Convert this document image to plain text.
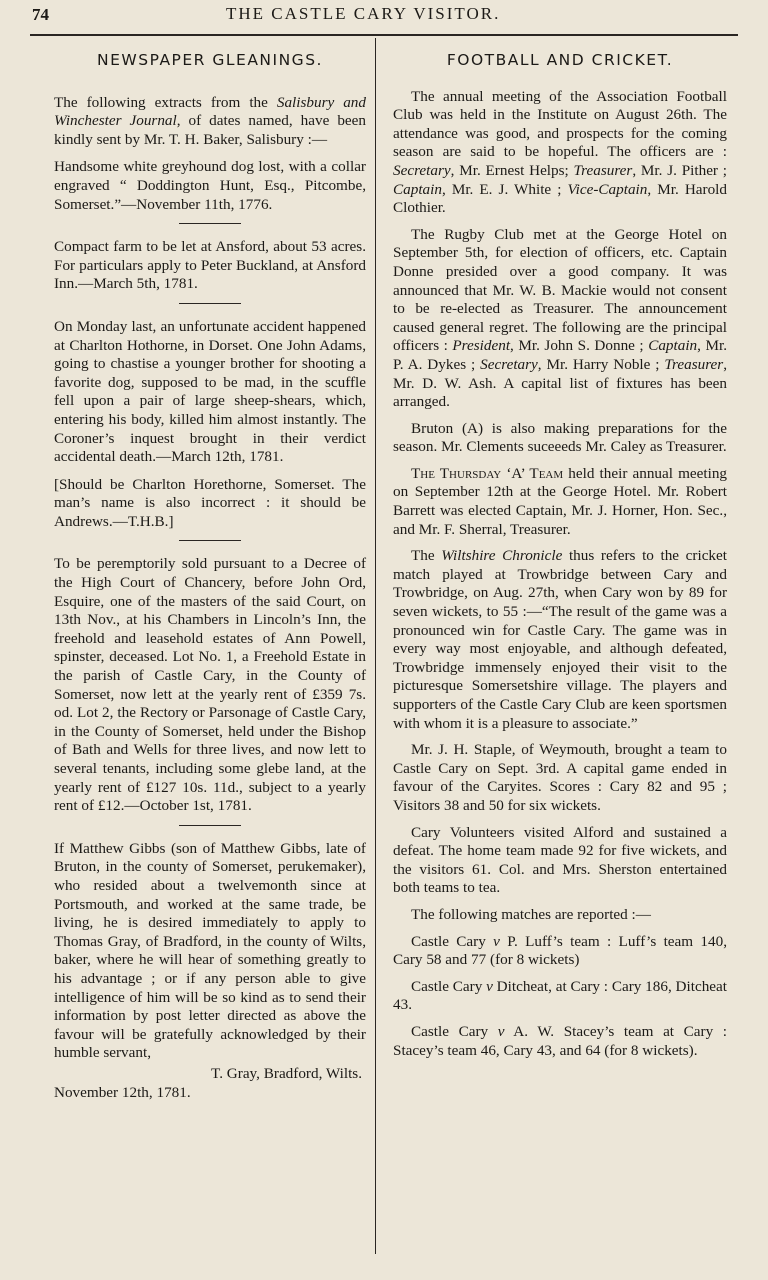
74	THE CASTLE CARY VISITOR.
NEWSPAPER GLEANINGS.

The following extracts from the Salisbury and Winchester Journal, of dates named, have been kindly sent by Mr. T. H. Baker, Salisbury :—

Handsome white greyhound dog lost, with a collar engraved “ Doddington Hunt, Esq., Pitcombe, Somerset.”—November 11th, 1776.

Compact farm to be let at Ansford, about 53 acres. For particulars apply to Peter Buckland, at Ansford Inn.—March 5th, 1781.

On Monday last, an unfortunate accident happened at Charlton Hothorne, in Dorset. One John Adams, going to chastise a younger brother for shooting a favorite dog, supposed to be mad, in the scuffle fell upon a pair of large sheep-shears, which, entering his body, killed him almost instantly. The Coroner’s inquest brought in their verdict accidental death.—March 12th, 1781.

[Should be Charlton Horethorne, Somerset. The man’s name is also incorrect : it should be Andrews.—T.H.B.]

To be peremptorily sold pursuant to a Decree of the High Court of Chancery, before John Ord, Esquire, one of the masters of the said Court, on 13th Nov., at his Chambers in Lincoln’s Inn, the freehold and leasehold estates of Ann Powell, spinster, deceased. Lot No. 1, a Freehold Estate in the parish of Castle Cary, in the County of Somerset, now lett at the yearly rent of £359 7s. od. Lot 2, the Rectory or Parsonage of Castle Cary, in the County of Somerset, held under the Bishop of Bath and Wells for three lives, and now lett to several tenants, including some glebe land, at the yearly rent of £127 10s. 11d., subject to a yearly rent of £12.—October 1st, 1781.

If Matthew Gibbs (son of Matthew Gibbs, late of Bruton, in the county of Somerset, perukemaker), who resided about a twelvemonth since at Portsmouth, and worked at the same trade, be living, he is desired immediately to apply to Thomas Gray, of Bradford, in the county of Wilts, baker, where he will hear of something greatly to his advantage ; or if any person able to give intelligence of him will be so kind as to send their information by post letter directed as above the favour will be gratefully acknowledged by their humble servant,

T. Gray, Bradford, Wilts.

November 12th, 1781.

FOOTBALL AND CRICKET.

The annual meeting of the Association Football Club was held in the Institute on August 26th. The attendance was good, and prospects for the coming season are said to be hopeful. The officers are : Secretary, Mr. Ernest Helps; Treasurer, Mr. J. Pither ; Captain, Mr. E. J. White ; Vice-Captain, Mr. Harold Clothier.

The Rugby Club met at the George Hotel on September 5th, for election of officers, etc. Captain Donne presided over a good company. It was announced that Mr. W. B. Mackie would not consent to be re-elected as Treasurer. The announcement caused general regret. The following are the principal officers : President, Mr. John S. Donne ; Captain, Mr. P. A. Dykes ; Secretary, Mr. Harry Noble ; Treasurer, Mr. D. W. Ash. A capital list of fixtures has been arranged.

Bruton (A) is also making preparations for the season. Mr. Clements suceeeds Mr. Caley as Treasurer.

The Thursday ‘A’ Team held their annual meeting on September 12th at the George Hotel. Mr. Robert Barrett was elected Captain, Mr. J. Horner, Hon. Sec., and Mr. F. Sherral, Treasurer.

The Wiltshire Chronicle thus refers to the cricket match played at Trowbridge between Cary and Trowbridge, on Aug. 27th, when Cary won by 89 for seven wickets, to 55 :—“The result of the game was a pronounced win for Castle Cary. The game was in every way most enjoyable, and although defeated, Trowbridge immensely enjoyed their visit to the picturesque Somersetshire village. The players and supporters of the Castle Cary Club are keen sportsmen with whom it is a pleasure to associate.”

Mr. J. H. Staple, of Weymouth, brought a team to Castle Cary on Sept. 3rd. A capital game ended in favour of the Caryites. Scores : Cary 82 and 95 ; Visitors 38 and 50 for six wickets.

Cary Volunteers visited Alford and sustained a defeat. The home team made 92 for five wickets, and the visitors 61. Col. and Mrs. Sherston entertained both teams to tea.

The following matches are reported :—

Castle Cary v P. Luff’s team : Luff’s team 140, Cary 58 and 77 (for 8 wickets)

Castle Cary v Ditcheat, at Cary : Cary 186, Ditcheat 43.

Castle Cary v A. W. Stacey’s team at Cary : Stacey’s team 46, Cary 43, and 64 (for 8 wickets).
